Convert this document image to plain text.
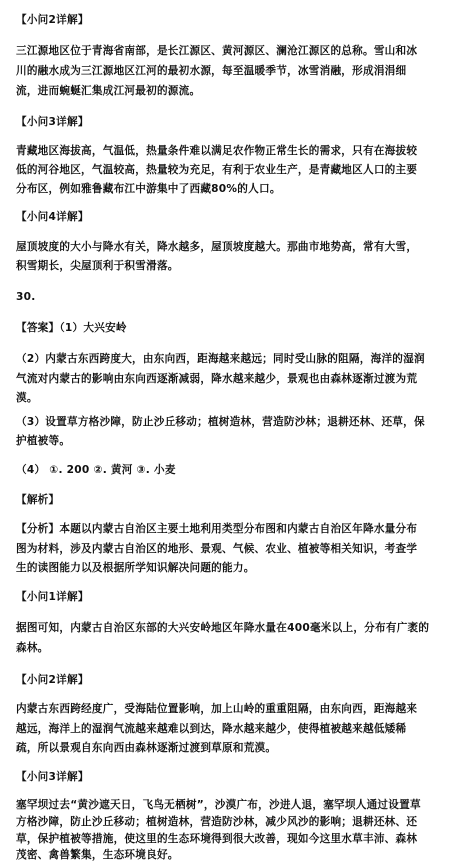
【小问2详解】
三江源地区位于青海省南部，是长江源区、黄河源区、澜沧江源区的总称。雪山和冰
川的融水成为三江源地区江河的最初水源，每至温暖季节，冰雪消融，形成涓涓细
流，进而蜿蜒汇集成江河最初的源流。
【小问3详解】
青藏地区海拔高，气温低，热量条件难以满足农作物正常生长的需求，只有在海拔较
低的河谷地区，气温较高，热量较为充足，有利于农业生产，是青藏地区人口的主要
分布区，例如雅鲁藏布江中游集中了西藏80%的人口。
【小问4详解】
屋顶坡度的大小与降水有关，降水越多，屋顶坡度越大。那曲市地势高，常有大雪，
积雪期长，尖屋顶利于积雪滑落。
30.
【答案】（1）大兴安岭
（2）内蒙古东西跨度大，由东向西，距海越来越远；同时受山脉的阻隔，海洋的湿润
气流对内蒙古的影响由东向西逐渐减弱，降水越来越少，景观也由森林逐渐过渡为荒
漠。
（3）设置草方格沙障，防止沙丘移动；植树造林，营造防沙林；退耕还林、还草，保
护植被等。
（4） ①. 200 ②. 黄河 ③. 小麦
【解析】
【分析】本题以内蒙古自治区主要土地利用类型分布图和内蒙古自治区年降水量分布
图为材料，涉及内蒙古自治区的地形、景观、气候、农业、植被等相关知识，考查学
生的读图能力以及根据所学知识解决问题的能力。
【小问1详解】
据图可知，内蒙古自治区东部的大兴安岭地区年降水量在400毫米以上，分布有广袤的
森林。
【小问2详解】
内蒙古东西跨经度广，受海陆位置影响，加上山岭的重重阻隔，由东向西，距海越来
越远，海洋上的湿润气流越来越难以到达，降水越来越少，使得植被越来越低矮稀
疏，所以景观自东向西由森林逐渐过渡到草原和荒漠。
【小问3详解】
塞罕坝过去“黄沙遮天日，飞鸟无栖树”，沙漠广布，沙进人退，塞罕坝人通过设置草
方格沙障，防止沙丘移动；植树造林，营造防沙林，减少风沙的影响；退耕还林、还
草，保护植被等措施，使这里的生态环境得到很大改善，现如今这里水草丰沛、森林
茂密、禽兽繁集，生态环境良好。
